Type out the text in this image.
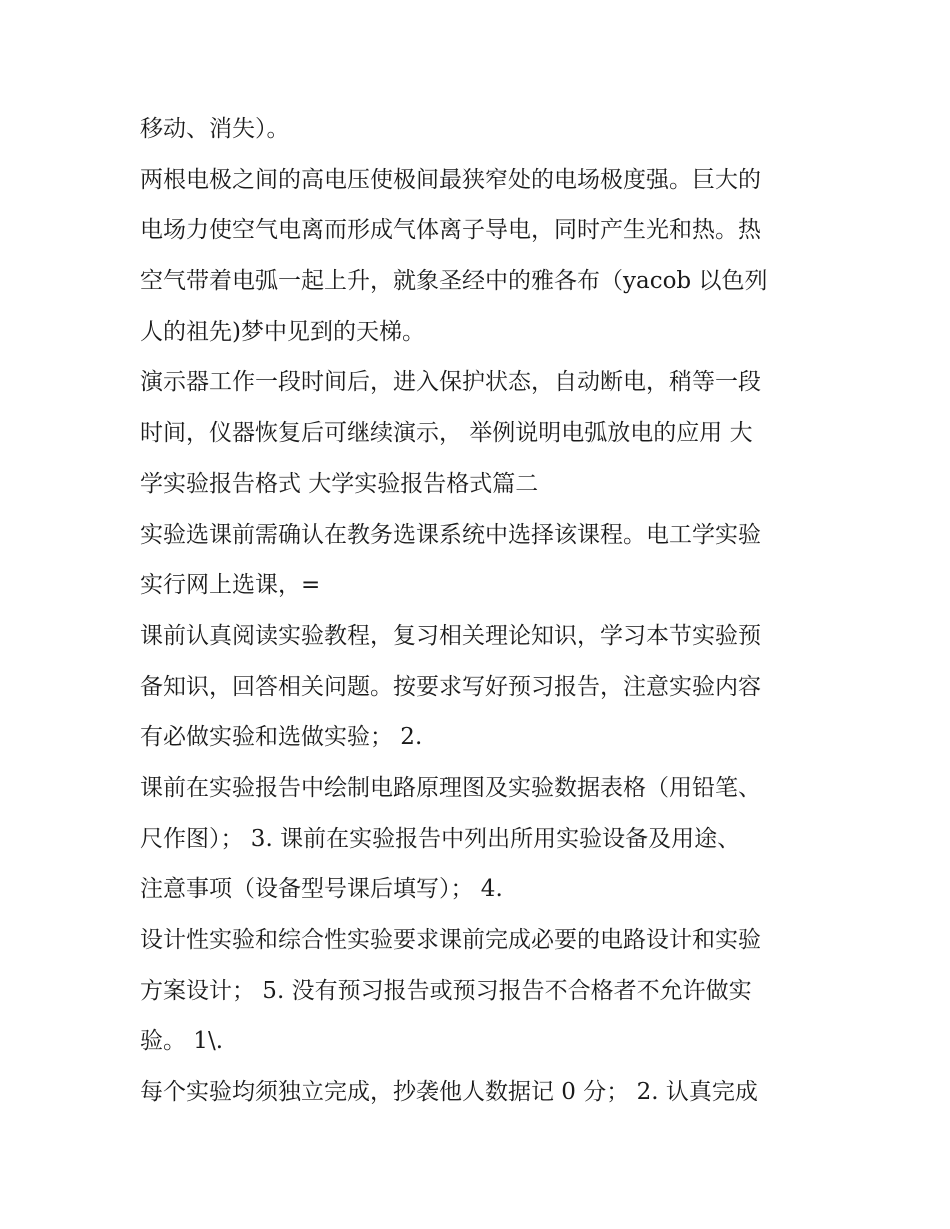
移动、消失）。
两根电极之间的高电压使极间最狭窄处的电场极度强。巨大的
电场力使空气电离而形成气体离子导电，同时产生光和热。热
空气带着电弧一起上升，就象圣经中的雅各布（yacob 以色列
人的祖先)梦中见到的天梯。
演示器工作一段时间后，进入保护状态，自动断电，稍等一段
时间，仪器恢复后可继续演示， 举例说明电弧放电的应用 大
学实验报告格式 大学实验报告格式篇二
实验选课前需确认在教务选课系统中选择该课程。电工学实验
实行网上选课，=
课前认真阅读实验教程，复习相关理论知识，学习本节实验预
备知识，回答相关问题。按要求写好预习报告，注意实验内容
有必做实验和选做实验； 2.
课前在实验报告中绘制电路原理图及实验数据表格（用铅笔、
尺作图）； 3. 课前在实验报告中列出所用实验设备及用途、
注意事项（设备型号课后填写）； 4.
设计性实验和综合性实验要求课前完成必要的电路设计和实验
方案设计； 5. 没有预习报告或预习报告不合格者不允许做实
验。 1\.
每个实验均须独立完成，抄袭他人数据记 0 分； 2. 认真完成
